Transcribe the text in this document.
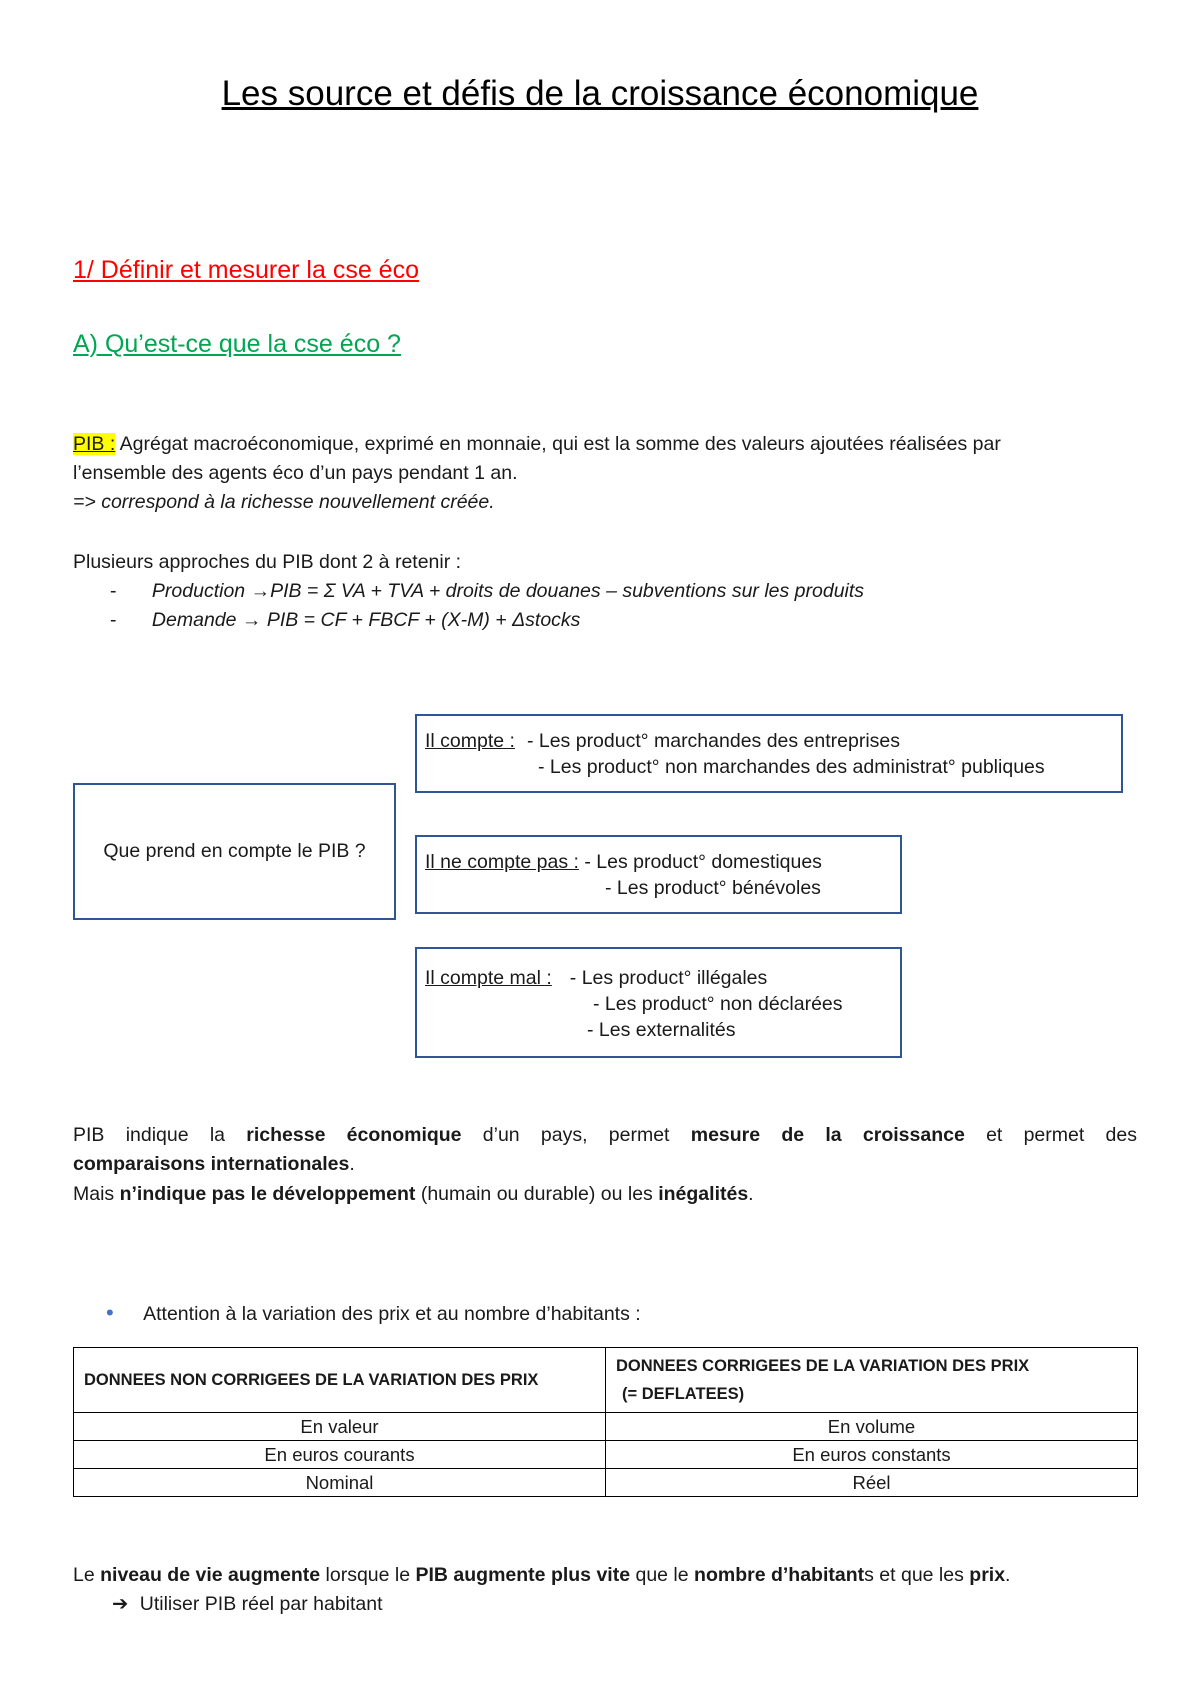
Les source et défis de la croissance économique
1/ Définir et mesurer la cse éco
A) Qu’est-ce que la cse éco ?
PIB : Agrégat macroéconomique, exprimé en monnaie, qui est la somme des valeurs ajoutées réalisées par
l’ensemble des agents éco d’un pays pendant 1 an.
=> correspond à la richesse nouvellement créée.
Plusieurs approches du PIB dont 2 à retenir :
- Production →PIB = Σ VA + TVA + droits de douanes – subventions sur les produits
- Demande → PIB = CF + FBCF + (X-M) + Δstocks
Que prend en compte le PIB ?
Il compte : - Les product° marchandes des entreprises
- Les product° non marchandes des administrat° publiques
Il ne compte pas : - Les product° domestiques
- Les product° bénévoles
Il compte mal : - Les product° illégales
- Les product° non déclarées
- Les externalités
PIB indique la richesse économique d’un pays, permet mesure de la croissance et permet des
comparaisons internationales.
Mais n’indique pas le développement (humain ou durable) ou les inégalités.
• Attention à la variation des prix et au nombre d’habitants :
DONNEES NON CORRIGEES DE LA VARIATION DES PRIX	DONNEES CORRIGEES DE LA VARIATION DES PRIX
(= DEFLATEES)

En valeur	En volume
En euros courants	En euros constants
Nominal	Réel
Le niveau de vie augmente lorsque le PIB augmente plus vite que le nombre d’habitants et que les prix.
➔ Utiliser PIB réel par habitant
